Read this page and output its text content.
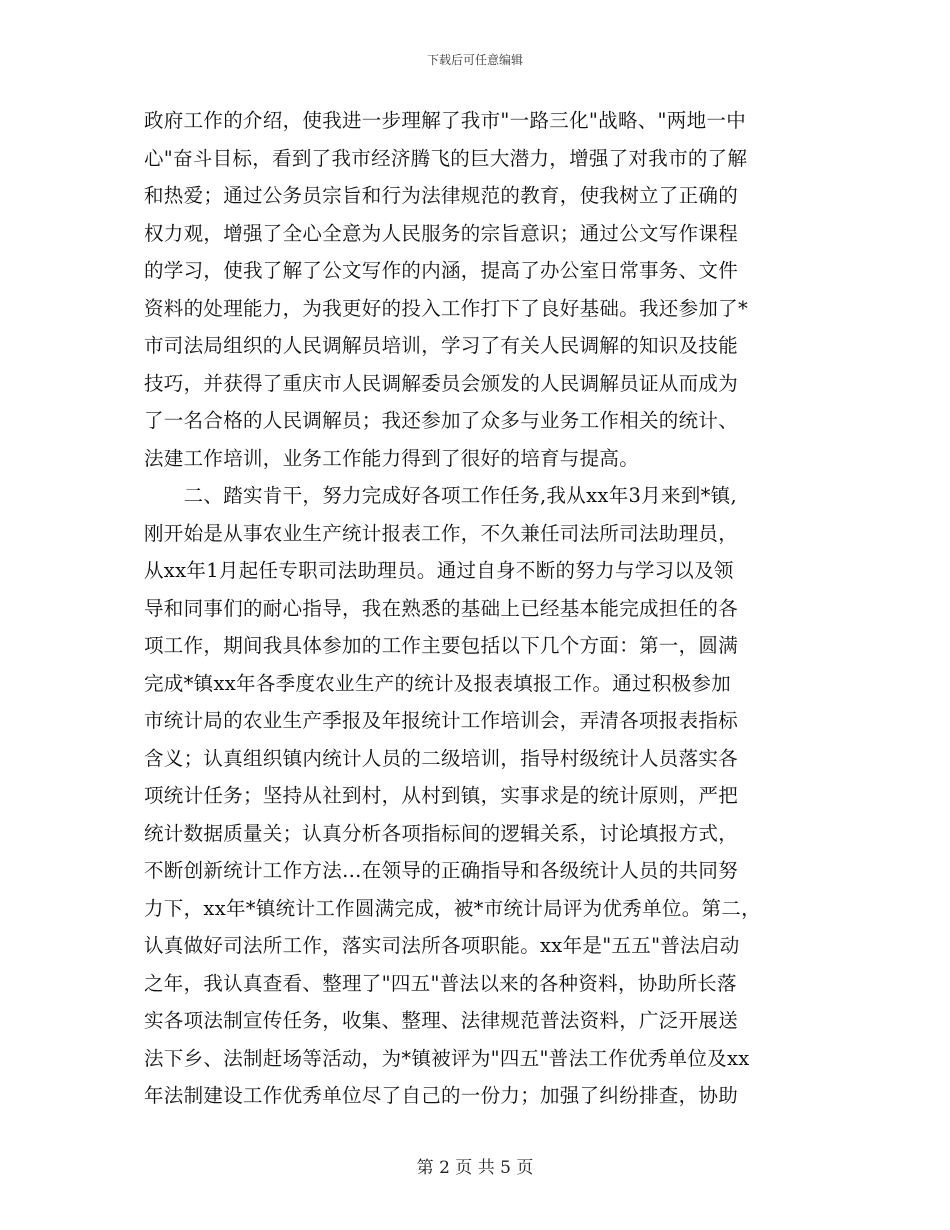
下载后可任意编辑
政府工作的介绍，使我进一步理解了我市"一路三化"战略、"两地一中
心"奋斗目标，看到了我市经济腾飞的巨大潜力，增强了对我市的了解
和热爱；通过公务员宗旨和行为法律规范的教育，使我树立了正确的
权力观，增强了全心全意为人民服务的宗旨意识；通过公文写作课程
的学习，使我了解了公文写作的内涵，提高了办公室日常事务、文件
资料的处理能力，为我更好的投入工作打下了良好基础。我还参加了*
市司法局组织的人民调解员培训，学习了有关人民调解的知识及技能
技巧，并获得了重庆市人民调解委员会颁发的人民调解员证从而成为
了一名合格的人民调解员；我还参加了众多与业务工作相关的统计、
法建工作培训，业务工作能力得到了很好的培育与提高。
　　二、踏实肯干，努力完成好各项工作任务,我从xx年3月来到*镇,
刚开始是从事农业生产统计报表工作，不久兼任司法所司法助理员，
从xx年1月起任专职司法助理员。通过自身不断的努力与学习以及领
导和同事们的耐心指导，我在熟悉的基础上已经基本能完成担任的各
项工作，期间我具体参加的工作主要包括以下几个方面：第一，圆满
完成*镇xx年各季度农业生产的统计及报表填报工作。通过积极参加
市统计局的农业生产季报及年报统计工作培训会，弄清各项报表指标
含义；认真组织镇内统计人员的二级培训，指导村级统计人员落实各
项统计任务；坚持从社到村，从村到镇，实事求是的统计原则，严把
统计数据质量关；认真分析各项指标间的逻辑关系，讨论填报方式，
不断创新统计工作方法…在领导的正确指导和各级统计人员的共同努
力下，xx年*镇统计工作圆满完成，被*市统计局评为优秀单位。第二，
认真做好司法所工作，落实司法所各项职能。xx年是"五五"普法启动
之年，我认真查看、整理了"四五"普法以来的各种资料，协助所长落
实各项法制宣传任务，收集、整理、法律规范普法资料，广泛开展送
法下乡、法制赶场等活动，为*镇被评为"四五"普法工作优秀单位及xx
年法制建设工作优秀单位尽了自己的一份力；加强了纠纷排查，协助
第 2 页 共 5 页
